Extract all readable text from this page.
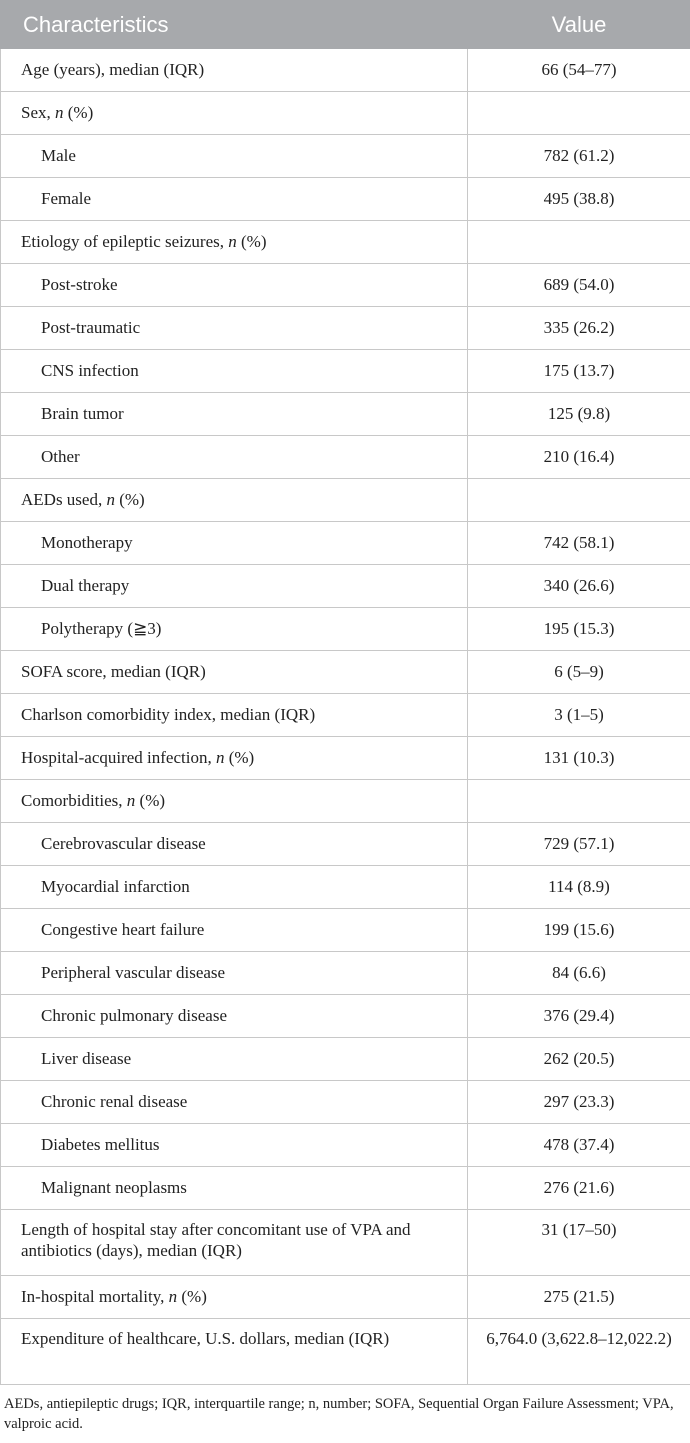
Characteristics	Value
Age (years), median (IQR)	66 (54–77)
Sex, n (%)	
Male	782 (61.2)
Female	495 (38.8)
Etiology of epileptic seizures, n (%)	
Post-stroke	689 (54.0)
Post-traumatic	335 (26.2)
CNS infection	175 (13.7)
Brain tumor	125 (9.8)
Other	210 (16.4)
AEDs used, n (%)	
Monotherapy	742 (58.1)
Dual therapy	340 (26.6)
Polytherapy (≧3)	195 (15.3)
SOFA score, median (IQR)	6 (5–9)
Charlson comorbidity index, median (IQR)	3 (1–5)
Hospital-acquired infection, n (%)	131 (10.3)
Comorbidities, n (%)	
Cerebrovascular disease	729 (57.1)
Myocardial infarction	114 (8.9)
Congestive heart failure	199 (15.6)
Peripheral vascular disease	84 (6.6)
Chronic pulmonary disease	376 (29.4)
Liver disease	262 (20.5)
Chronic renal disease	297 (23.3)
Diabetes mellitus	478 (37.4)
Malignant neoplasms	276 (21.6)
Length of hospital stay after concomitant use of VPA and antibiotics (days), median (IQR)	31 (17–50)
In-hospital mortality, n (%)	275 (21.5)
Expenditure of healthcare, U.S. dollars, median (IQR)	6,764.0 (3,622.8–12,022.2)
AEDs, antiepileptic drugs; IQR, interquartile range; n, number; SOFA, Sequential Organ Failure Assessment; VPA, valproic acid.
